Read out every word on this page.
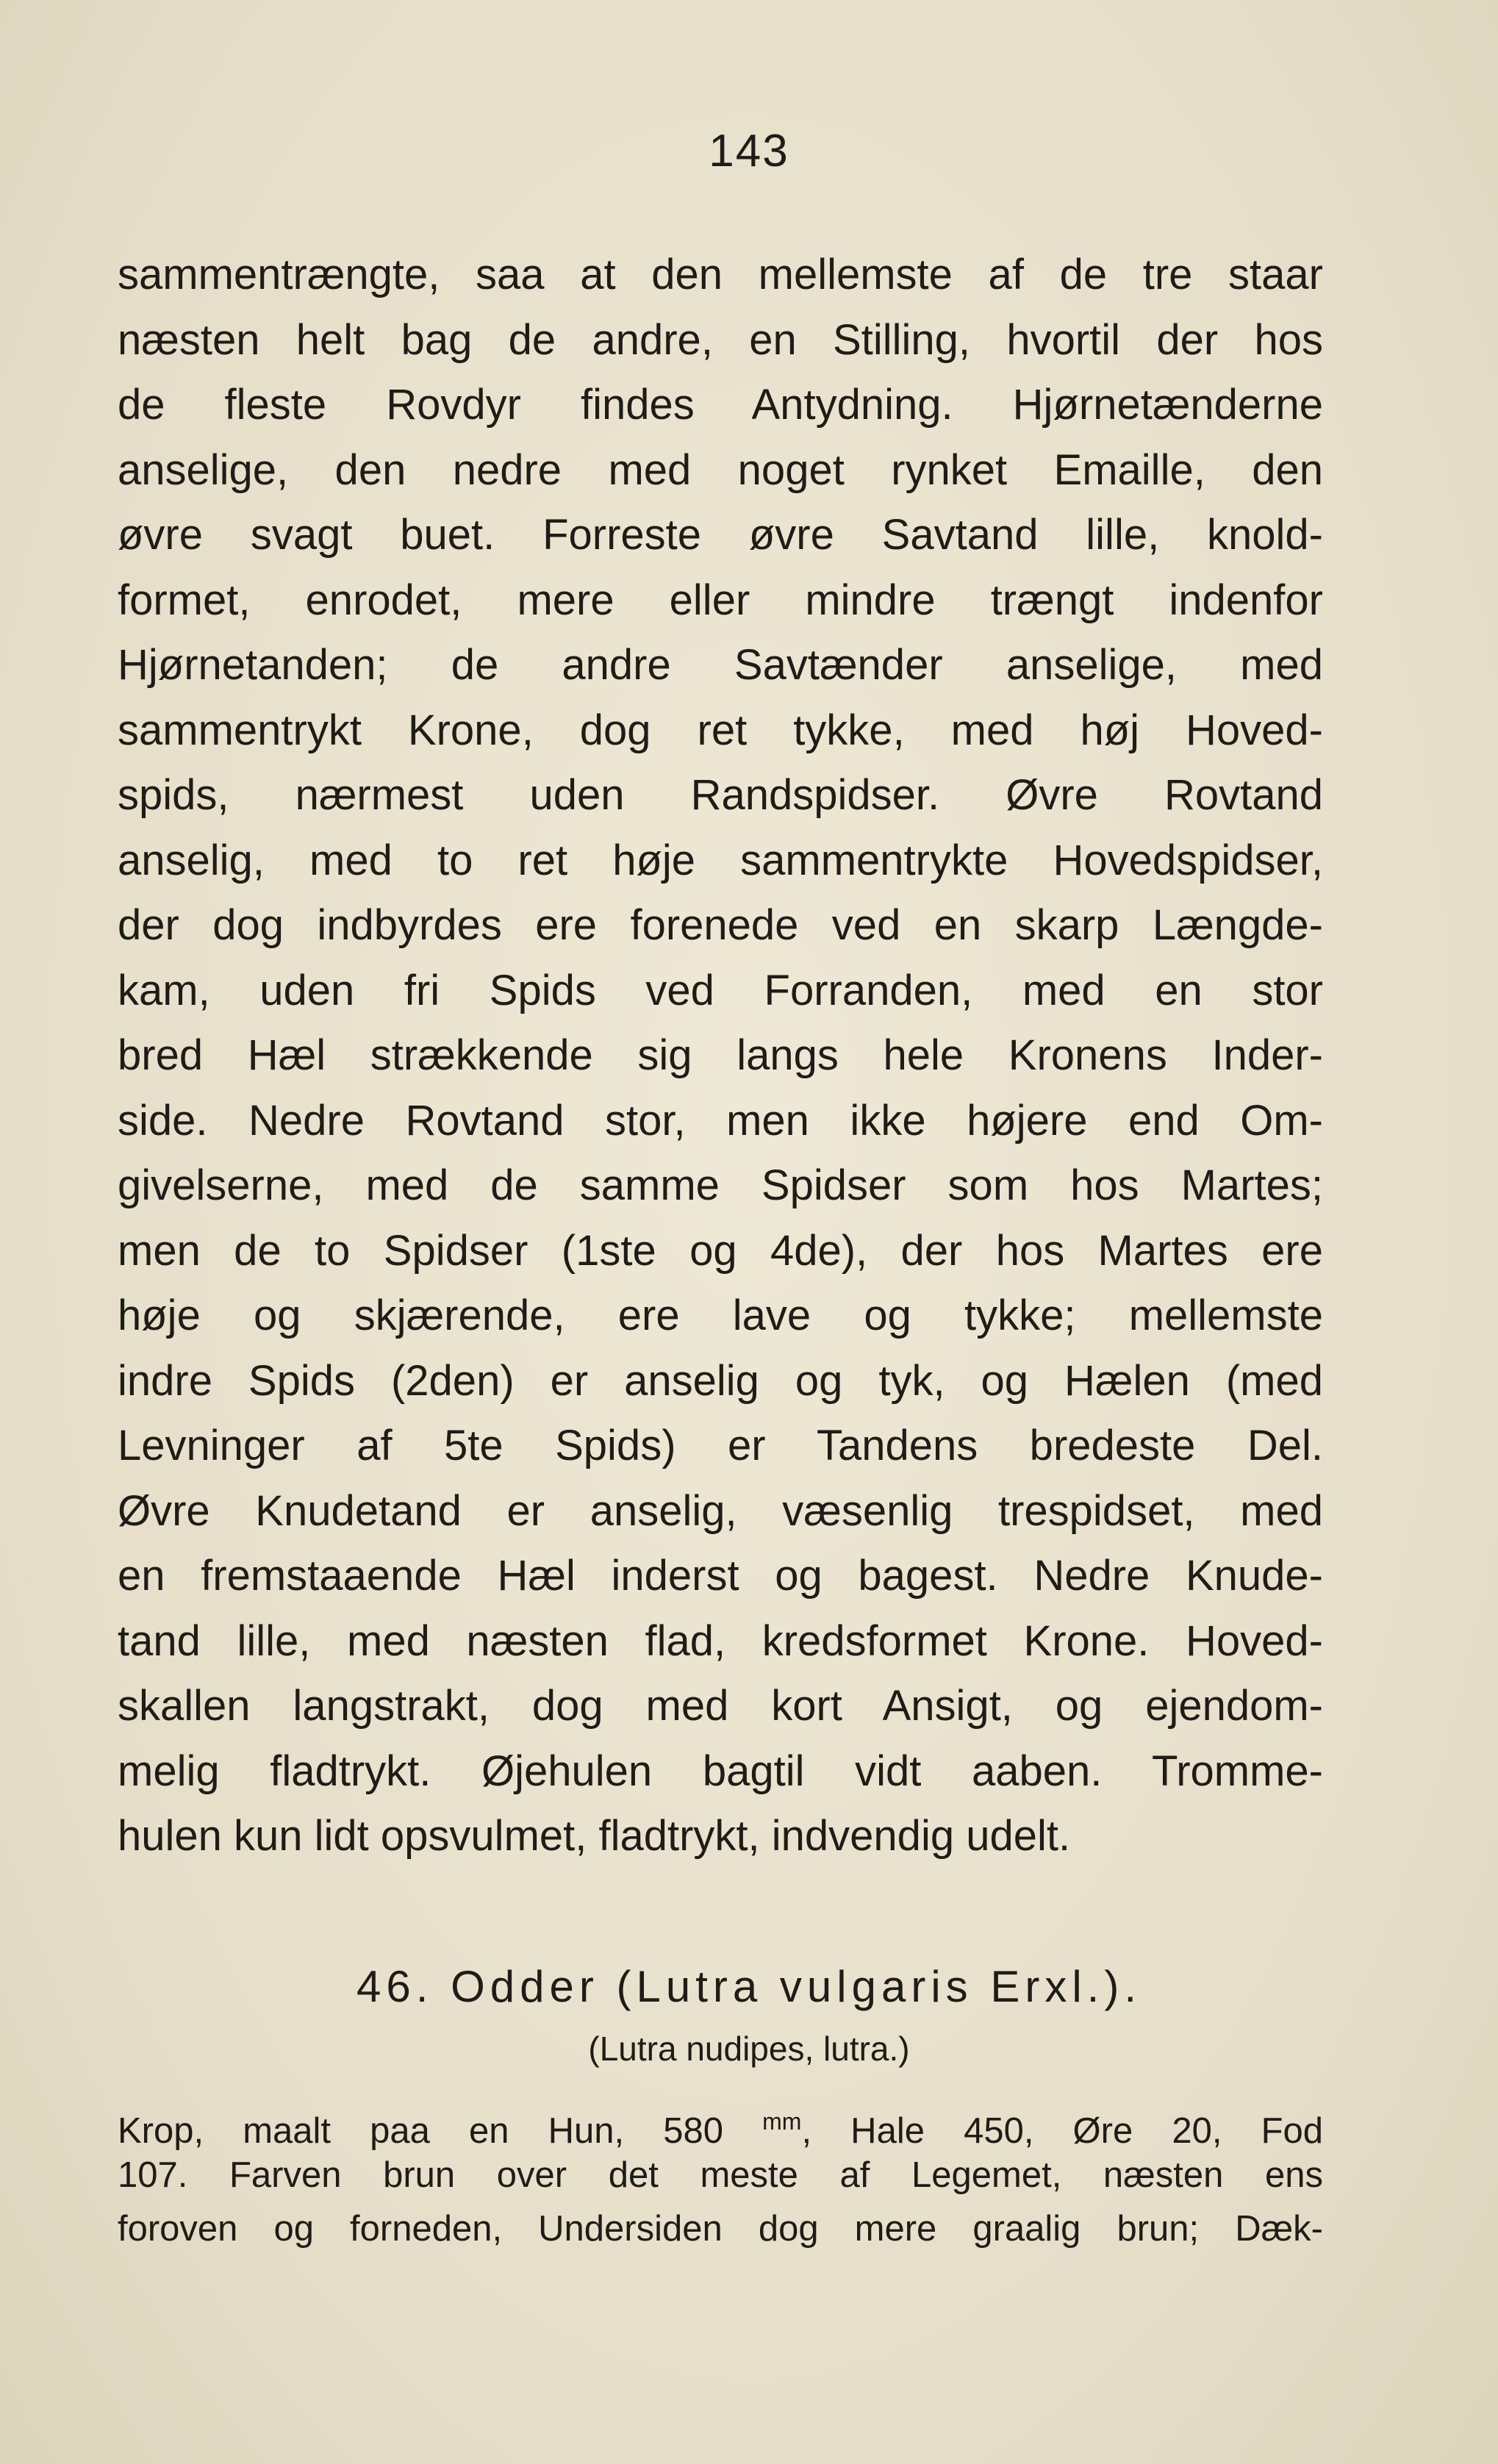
143
sammentrængte, saa at den mellemste af de tre staar
næsten helt bag de andre, en Stilling, hvortil der hos
de fleste Rovdyr findes Antydning. Hjørnetænderne
anselige, den nedre med noget rynket Emaille, den
øvre svagt buet. Forreste øvre Savtand lille, knold-
formet, enrodet, mere eller mindre trængt indenfor
Hjørnetanden; de andre Savtænder anselige, med
sammentrykt Krone, dog ret tykke, med høj Hoved-
spids, nærmest uden Randspidser. Øvre Rovtand
anselig, med to ret høje sammentrykte Hovedspidser,
der dog indbyrdes ere forenede ved en skarp Længde-
kam, uden fri Spids ved Forranden, med en stor
bred Hæl strækkende sig langs hele Kronens Inder-
side. Nedre Rovtand stor, men ikke højere end Om-
givelserne, med de samme Spidser som hos Martes;
men de to Spidser (1ste og 4de), der hos Martes ere
høje og skjærende, ere lave og tykke; mellemste
indre Spids (2den) er anselig og tyk, og Hælen (med
Levninger af 5te Spids) er Tandens bredeste Del.
Øvre Knudetand er anselig, væsenlig trespidset, med
en fremstaaende Hæl inderst og bagest. Nedre Knude-
tand lille, med næsten flad, kredsformet Krone. Hoved-
skallen langstrakt, dog med kort Ansigt, og ejendom-
melig fladtrykt. Øjehulen bagtil vidt aaben. Tromme-
hulen kun lidt opsvulmet, fladtrykt, indvendig udelt.
46. Odder (Lutra vulgaris Erxl.).
(Lutra nudipes, lutra.)
Krop, maalt paa en Hun, 580 $^{mm}$, Hale 450, Øre 20, Fod
107. Farven brun over det meste af Legemet, næsten ens
foroven og forneden, Undersiden dog mere graalig brun; Dæk-
